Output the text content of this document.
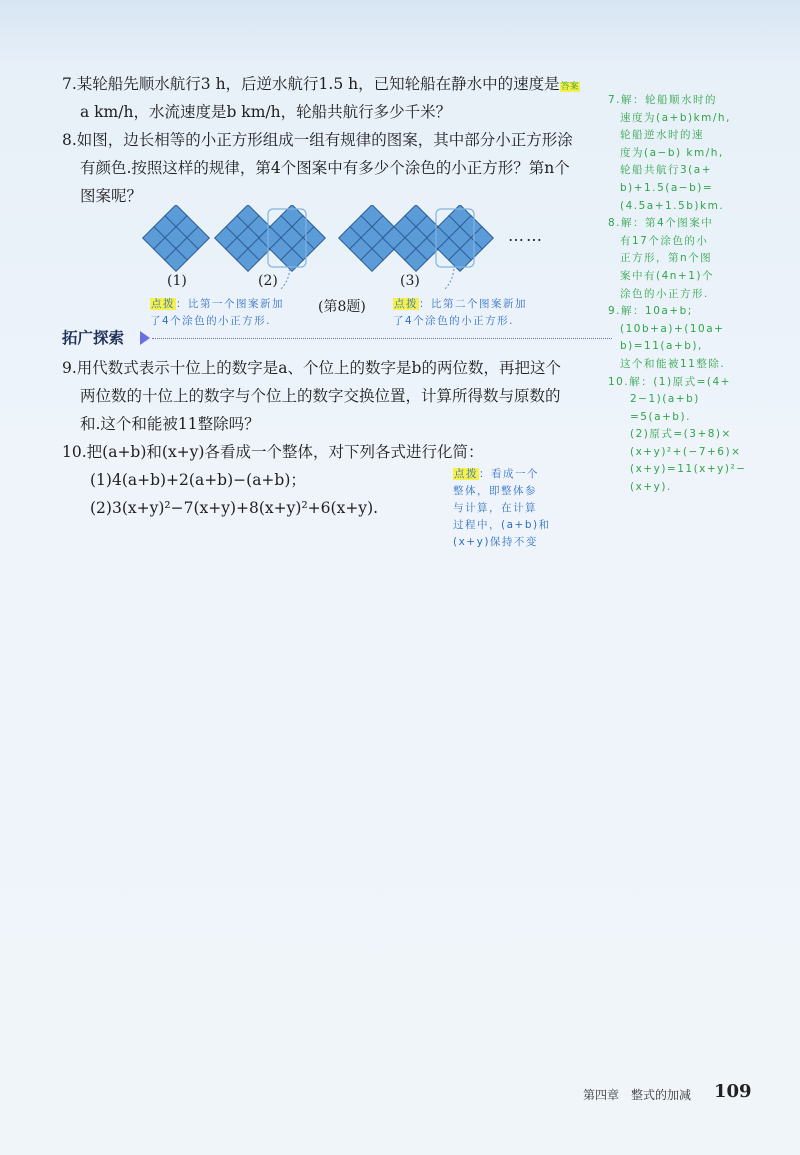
7.某轮船先顺水航行3 h，后逆水航行1.5 h，已知轮船在静水中的速度是答案
a km/h，水流速度是b km/h，轮船共航行多少千米？
8.如图，边长相等的小正方形组成一组有规律的图案，其中部分小正方形涂
有颜色.按照这样的规律，第4个图案中有多少个涂色的小正方形？第n个
图案呢？
……
(1)	(2)	(3)
(第8题)
点拨：比第一个图案新加
了4个涂色的小正方形.
点拨：比第二个图案新加
了4个涂色的小正方形.
拓广探索
9.用代数式表示十位上的数字是a、个位上的数字是b的两位数，再把这个
两位数的十位上的数字与个位上的数字交换位置，计算所得数与原数的
和.这个和能被11整除吗？
10.把(a+b)和(x+y)各看成一个整体，对下列各式进行化简：
(1)4(a+b)+2(a+b)−(a+b)；
(2)3(x+y)²−7(x+y)+8(x+y)²+6(x+y).
点拨：看成一个
整体，即整体参
与计算，在计算
过程中，(a+b)和
(x+y)保持不变
7.解：轮船顺水时的
速度为(a+b)km/h,
轮船逆水时的速
度为(a−b) km/h,
轮船共航行3(a+
b)+1.5(a−b)=
(4.5a+1.5b)km.
8.解：第4个图案中
有17个涂色的小
正方形，第n个图
案中有(4n+1)个
涂色的小正方形.
9.解：10a+b;
(10b+a)+(10a+
b)=11(a+b),
这个和能被11整除.
10.解：(1)原式=(4+
2−1)(a+b)
=5(a+b).
(2)原式=(3+8)×
(x+y)²+(−7+6)×
(x+y)=11(x+y)²−
(x+y).
第四章　整式的加减 109
